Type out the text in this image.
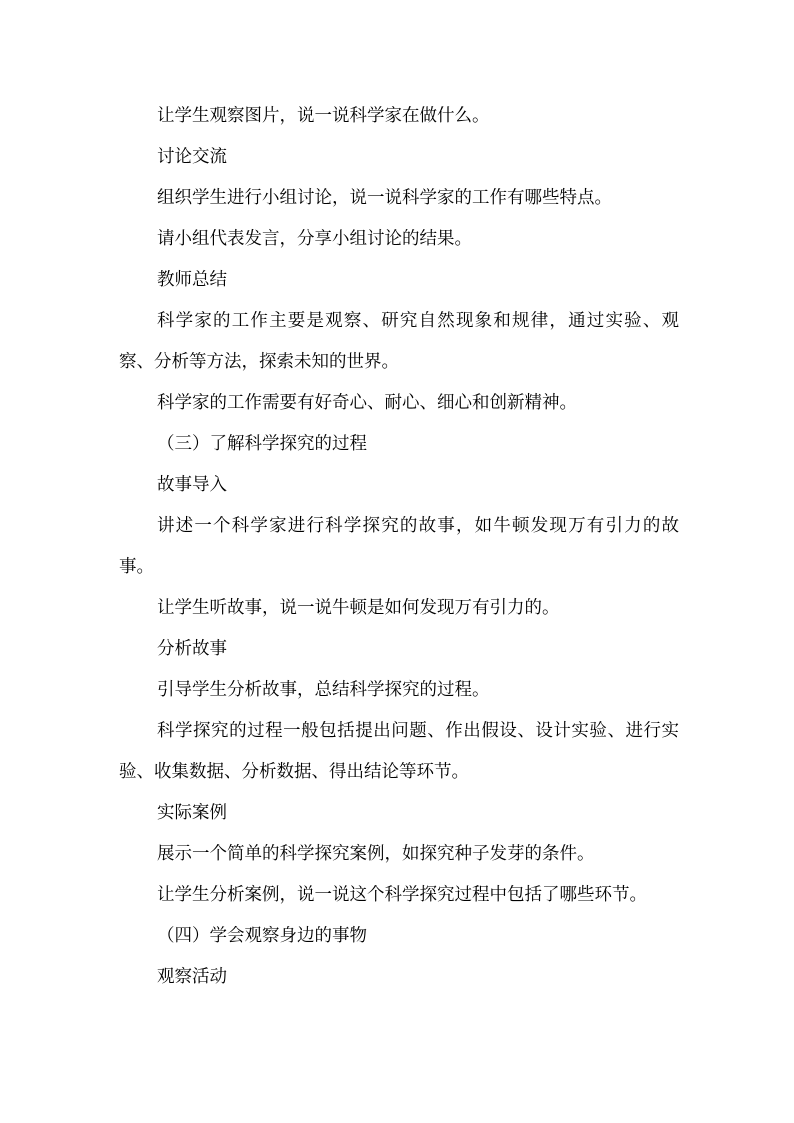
让学生观察图片，说一说科学家在做什么。

讨论交流

组织学生进行小组讨论，说一说科学家的工作有哪些特点。

请小组代表发言，分享小组讨论的结果。

教师总结

科学家的工作主要是观察、研究自然现象和规律，通过实验、观察、分析等方法，探索未知的世界。

科学家的工作需要有好奇心、耐心、细心和创新精神。

（三）了解科学探究的过程

故事导入

讲述一个科学家进行科学探究的故事，如牛顿发现万有引力的故事。

让学生听故事，说一说牛顿是如何发现万有引力的。

分析故事

引导学生分析故事，总结科学探究的过程。

科学探究的过程一般包括提出问题、作出假设、设计实验、进行实验、收集数据、分析数据、得出结论等环节。

实际案例

展示一个简单的科学探究案例，如探究种子发芽的条件。

让学生分析案例，说一说这个科学探究过程中包括了哪些环节。

（四）学会观察身边的事物

观察活动
